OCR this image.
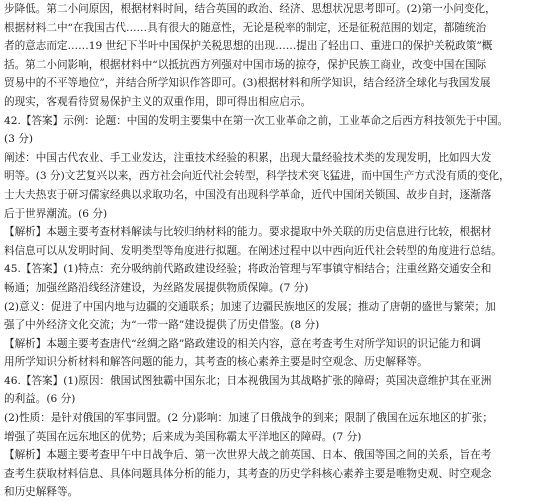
步降低。第二小问原因，根据材料时间，结合英国的政治、经济、思想状况思考即可。(2)第一小问变化，
根据材料二中“在我国古代……具有很大的随意性，无论是税率的制定，还是征税范围的划定，都随统治
者的意志而定……19 世纪下半叶中国保护关税思想的出现……提出了轻出口、重进口的保护关税政策”概
括。第二小问影响，根据材料中“以抵抗西方列强对中国市场的掠夺，保护民族工商业，改变中国在国际
贸易中的不平等地位”，并结合所学知识作答即可。(3)根据材料和所学知识，结合经济全球化与我国发展
的现实，客观看待贸易保护主义的双重作用，即可得出相应启示。
42.【答案】示例：论题：中国的发明主要集中在第一次工业革命之前，工业革命之后西方科技领先于中国。
(3 分)
阐述：中国古代农业、手工业发达，注重技术经验的积累，出现大量经验技术类的发现发明，比如四大发
明等。(3 分)文艺复兴以来，西方社会向近代社会转型，科学技术突飞猛进，而中国生产方式没有质的变化，
士大夫热衷于研习儒家经典以求取功名，中国没有出现科学革命，近代中国闭关锁国、故步自封，逐渐落
后于世界潮流。(6 分)
【解析】本题主要考查材料解读与比较归纳材料的能力。要求提取中外关联的历史信息进行比较，根据材
料信息可以从发明时间、发明类型等角度进行拟题。在阐述过程中以中西向近代社会转型的角度进行总结。
45.【答案】(1)特点：充分吸纳前代路政建设经验；将政治管理与军事镇守相结合；注重丝路交通安全和
畅通；加强丝路沿线经济建设，为丝路发展提供物质保障。(7 分)
(2)意义：促进了中国内地与边疆的交通联系；加速了边疆民族地区的发展；推动了唐朝的盛世与繁荣；加
强了中外经济文化交流；为“一带一路”建设提供了历史借鉴。(8 分)
【解析】本题主要考查唐代“丝绸之路”路政建设的相关内容，意在考查考生对所学知识的识记能力和调
用所学知识分析材料和解答问题的能力，其考查的核心素养主要是时空观念、历史解释等。
46.【答案】(1)原因：俄国试图独霸中国东北；日本视俄国为其战略扩张的障碍；英国决意维护其在亚洲
的利益。(6 分)
(2)性质：是针对俄国的军事同盟。(2 分)影响：加速了日俄战争的到来；限制了俄国在远东地区的扩张；
增强了英国在远东地区的优势；后来成为美国称霸太平洋地区的障碍。(7 分)
【解析】本题主要考查甲午中日战争后、第一次世界大战之前英国、日本、俄国等国之间的关系，旨在考
查考生获取材料信息、具体问题具体分析的能力，其考查的历史学科核心素养主要是唯物史观、时空观念
和历史解释等。
